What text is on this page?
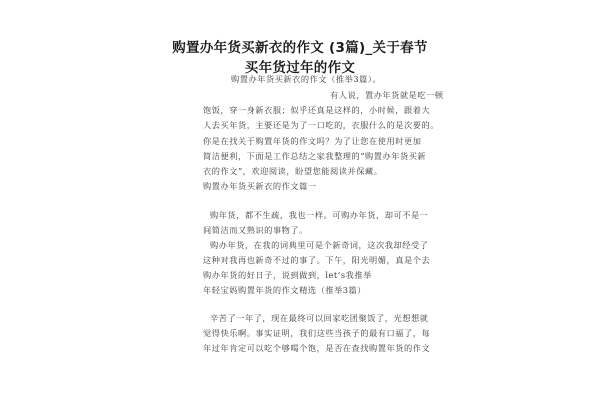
购置办年货买新衣的作文 (3篇)_关于春节
买年货过年的作文
购置办年货买新衣的作文（推举3篇）。
有人说，置办年货就是吃一顿
饱饭，穿一身新衣服；似乎还真是这样的，小时候，跟着大
人去买年货，主要还是为了一口吃的，衣服什么的是次要的。
你是在找关于购置年货的作文吗？为了让您在使用时更加
简洁便利，下面是工作总结之家我整理的“购置办年货买新
衣的作文”，欢迎阅读，盼望您能阅读并保藏。
购置办年货买新衣的作文篇一
购年货，都不生疏，我也一样。可购办年货，却可不是一
间简洁而又熟识的事物了。
购办年货，在我的词典里可是个新奇词，这次我却经受了
这种对我再也新奇不过的事了。下午，阳光明媚，真是个去
购办年货的好日子，说到做到，let’s我推举
年轻宝妈购置年货的作文精选（推举3篇）
辛苦了一年了，现在最终可以回家吃团聚饭了，光想想就
觉得快乐啊。事实证明，我们这些当孩子的最有口福了，每
年过年肯定可以吃个够喝个饱，是否在查找购置年货的作文
